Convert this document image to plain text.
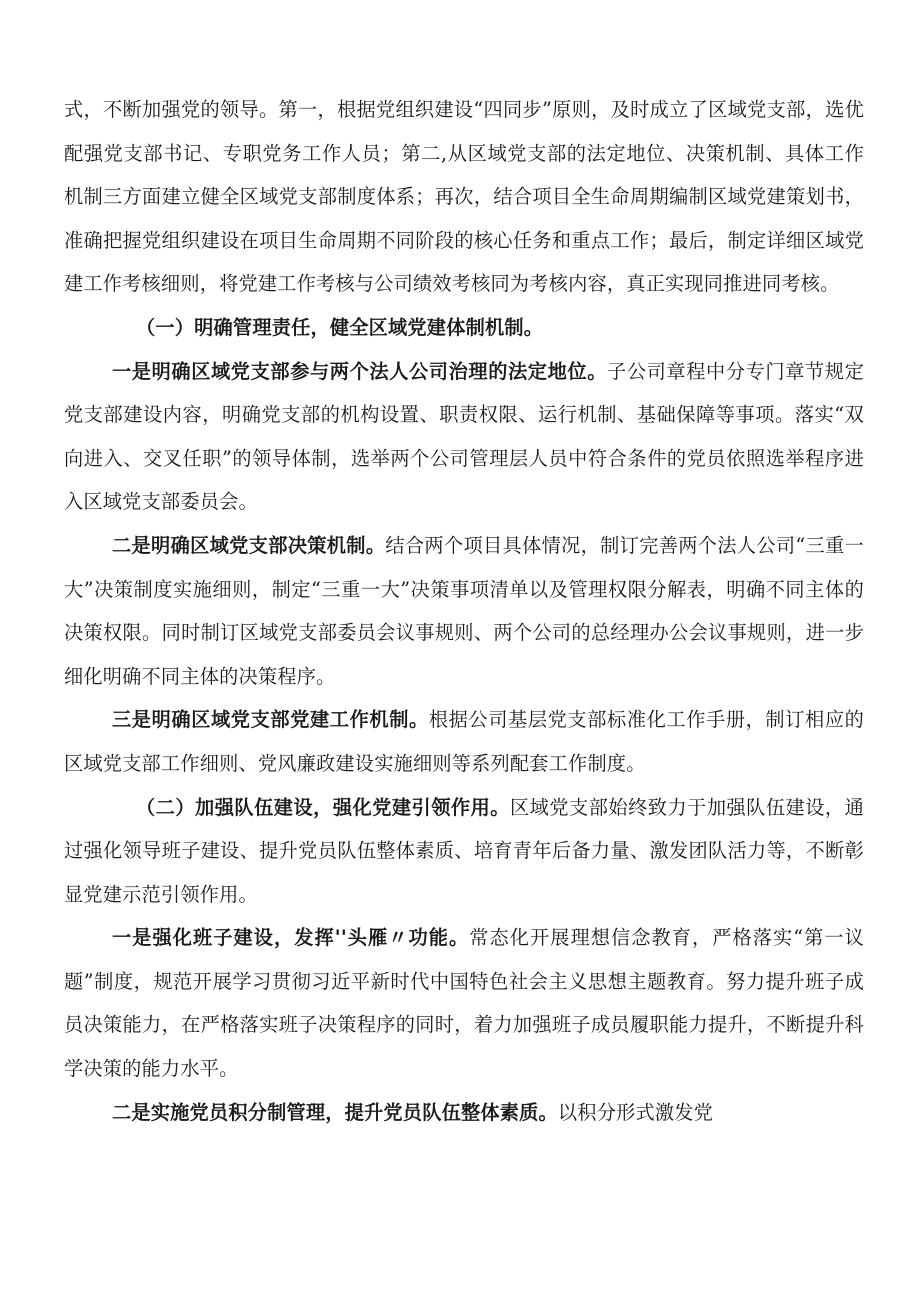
式，不断加强党的领导。第一，根据党组织建设“四同步”原则，及时成立了区域党支部，选优配强党支部书记、专职党务工作人员；第二,从区域党支部的法定地位、决策机制、具体工作机制三方面建立健全区域党支部制度体系；再次，结合项目全生命周期编制区域党建策划书，准确把握党组织建设在项目生命周期不同阶段的核心任务和重点工作；最后，制定详细区域党建工作考核细则，将党建工作考核与公司绩效考核同为考核内容，真正实现同推进同考核。

（一）明确管理责任，健全区域党建体制机制。

一是明确区域党支部参与两个法人公司治理的法定地位。子公司章程中分专门章节规定党支部建设内容，明确党支部的机构设置、职责权限、运行机制、基础保障等事项。落实“双向进入、交叉任职”的领导体制，选举两个公司管理层人员中符合条件的党员依照选举程序进入区域党支部委员会。

二是明确区域党支部决策机制。结合两个项目具体情况，制订完善两个法人公司“三重一大”决策制度实施细则，制定“三重一大”决策事项清单以及管理权限分解表，明确不同主体的决策权限。同时制订区域党支部委员会议事规则、两个公司的总经理办公会议事规则，进一步细化明确不同主体的决策程序。

三是明确区域党支部党建工作机制。根据公司基层党支部标准化工作手册，制订相应的区域党支部工作细则、党风廉政建设实施细则等系列配套工作制度。

（二）加强队伍建设，强化党建引领作用。区域党支部始终致力于加强队伍建设，通过强化领导班子建设、提升党员队伍整体素质、培育青年后备力量、激发团队活力等，不断彰显党建示范引领作用。

一是强化班子建设，发挥''头雁〃功能。常态化开展理想信念教育，严格落实“第一议题”制度，规范开展学习贯彻习近平新时代中国特色社会主义思想主题教育。努力提升班子成员决策能力，在严格落实班子决策程序的同时，着力加强班子成员履职能力提升，不断提升科学决策的能力水平。

二是实施党员积分制管理，提升党员队伍整体素质。以积分形式激发党
